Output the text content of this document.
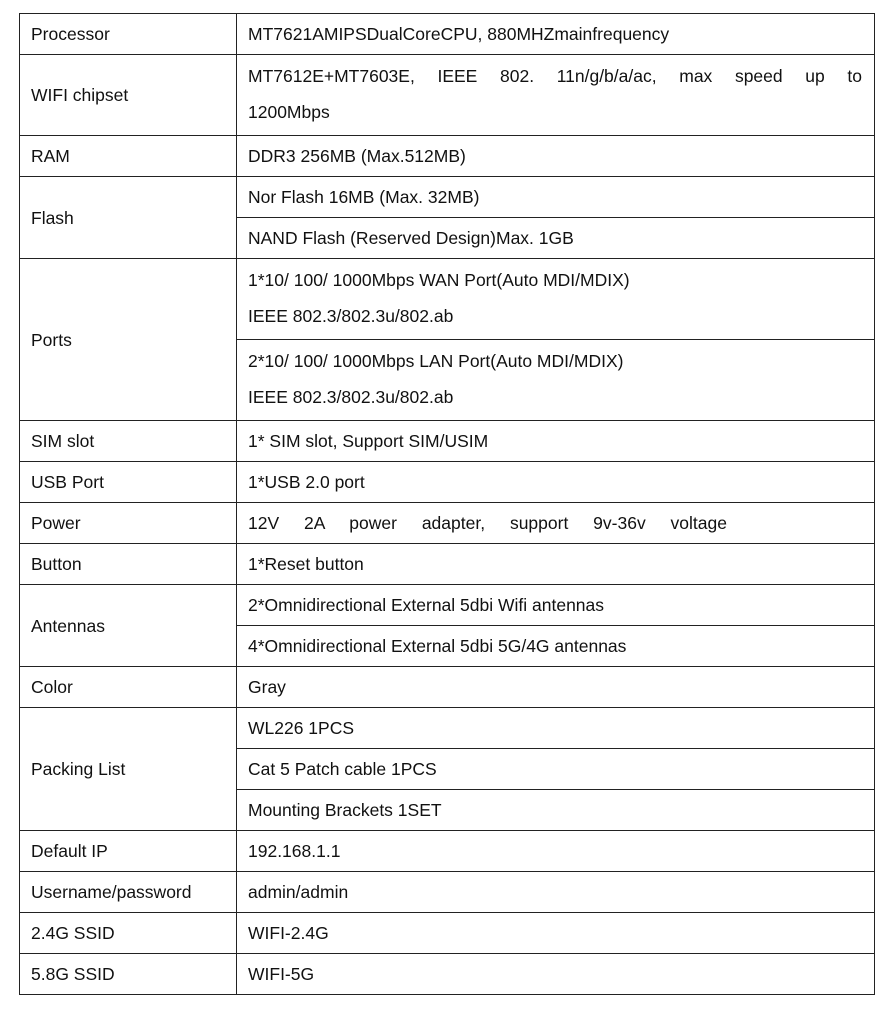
Processor	MT7621AMIPSDualCoreCPU, 880MHZmainfrequency
WIFI chipset	MT7612E+MT7603E, IEEE 802. 11n/g/b/a/ac, max speed up to
1200Mbps

RAM	DDR3 256MB (Max.512MB)
Flash	Nor Flash 16MB (Max. 32MB)
	NAND Flash (Reserved Design)Max. 1GB
Ports	1*10/ 100/ 1000Mbps WAN Port(Auto MDI/MDIX)
IEEE 802.3/802.3u/802.ab

	2*10/ 100/ 1000Mbps LAN Port(Auto MDI/MDIX)
IEEE 802.3/802.3u/802.ab

SIM slot	1* SIM slot, Support SIM/USIM
USB Port	1*USB 2.0 port
Power	12V 2A power adapter, support 9v-36v voltage
Button	1*Reset button
Antennas	2*Omnidirectional External 5dbi Wifi antennas
	4*Omnidirectional External 5dbi 5G/4G antennas
Color	Gray
Packing List	WL226 1PCS
	Cat 5 Patch cable 1PCS
	Mounting Brackets 1SET
Default IP	192.168.1.1
Username/password	admin/admin
2.4G SSID	WIFI-2.4G
5.8G SSID	WIFI-5G
